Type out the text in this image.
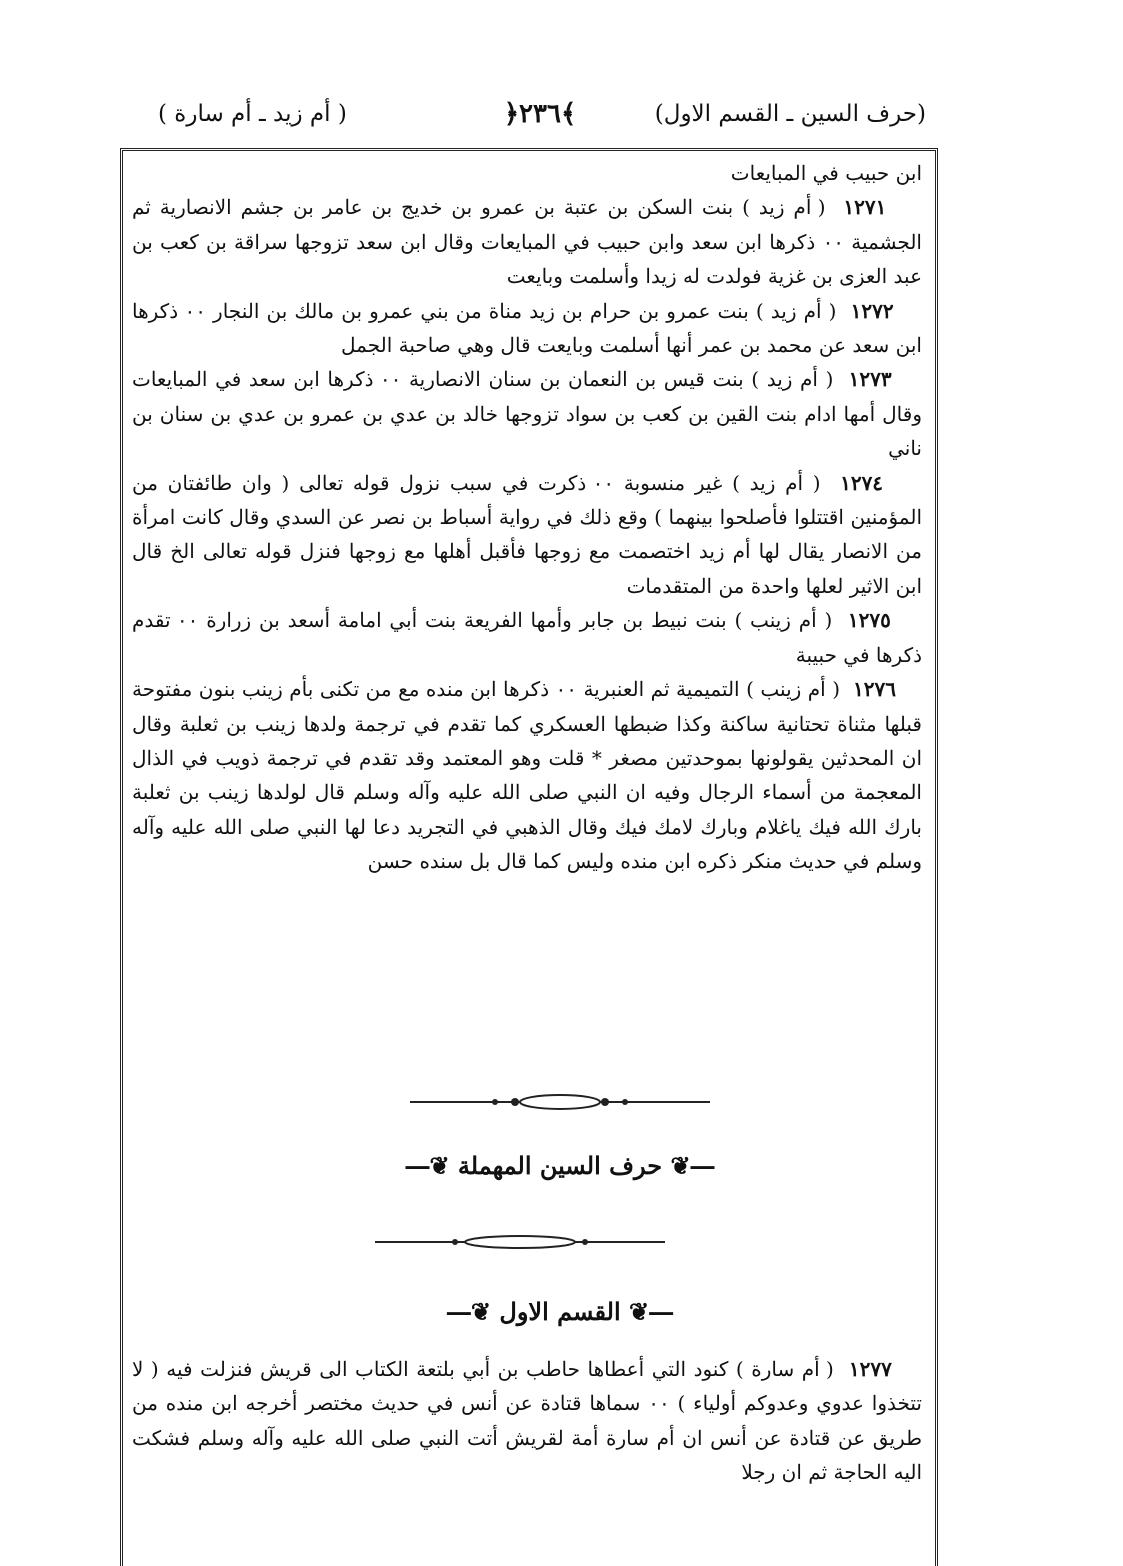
( أم زيد ـ أم سارة )	﴿۲۳٦﴾	(حرف السين ـ القسم الاول)

ابن حبيب في المبايعات

۱۲۷۱  ( أم زيد ) بنت السكن بن عتبة بن عمرو بن خديج بن عامر بن جشم الانصارية ثم الجشمية ٠٠ ذكرها ابن سعد وابن حبيب في المبايعات وقال ابن سعد تزوجها سراقة بن كعب بن عبد العزى بن غزية فولدت له زيدا وأسلمت وبايعت

۱۲۷۲  ( أم زيد ) بنت عمرو بن حرام بن زيد مناة من بني عمرو بن مالك بن النجار ٠٠ ذكرها ابن سعد عن محمد بن عمر أنها أسلمت وبايعت قال وهي صاحبة الجمل

۱۲۷۳  ( أم زيد ) بنت قيس بن النعمان بن سنان الانصارية ٠٠ ذكرها ابن سعد في المبايعات وقال أمها ادام بنت القين بن كعب بن سواد تزوجها خالد بن عدي بن عمرو بن عدي بن سنان بن ناني

۱۲۷٤  ( أم زيد ) غير منسوبة ٠٠ ذكرت في سبب نزول قوله تعالى ( وان طائفتان من المؤمنين اقتتلوا فأصلحوا بينهما ) وقع ذلك في رواية أسباط بن نصر عن السدي وقال كانت امرأة من الانصار يقال لها أم زيد اختصمت مع زوجها فأقبل أهلها مع زوجها فنزل قوله تعالى الخ قال ابن الاثير لعلها واحدة من المتقدمات

۱۲۷٥  ( أم زينب ) بنت نبيط بن جابر وأمها الفريعة بنت أبي امامة أسعد بن زرارة ٠٠ تقدم ذكرها في حبيبة

۱۲۷٦  ( أم زينب ) التميمية ثم العنبرية ٠٠ ذكرها ابن منده مع من تكنى بأم زينب بنون مفتوحة قبلها مثناة تحتانية ساكنة وكذا ضبطها العسكري كما تقدم في ترجمة ولدها زينب بن ثعلبة وقال ان المحدثين يقولونها بموحدتين مصغر * قلت وهو المعتمد وقد تقدم في ترجمة ذويب في الذال المعجمة من أسماء الرجال وفيه ان النبي صلى الله عليه وآله وسلم قال لولدها زينب بن ثعلبة بارك الله فيك ياغلام وبارك لامك فيك وقال الذهبي في التجريد دعا لها النبي صلى الله عليه وآله وسلم في حديث منكر ذكره ابن منده وليس كما قال بل سنده حسن

―❦ حرف السين المهملة ❦―
―❦ القسم الاول ❦―

۱۲۷۷  ( أم سارة ) كنود التي أعطاها حاطب بن أبي بلتعة الكتاب الى قريش فنزلت فيه ( لا تتخذوا عدوي وعدوكم أولياء ) ٠٠ سماها قتادة عن أنس في حديث مختصر أخرجه ابن منده من طريق عن قتادة عن أنس ان أم سارة أمة لقريش أتت النبي صلى الله عليه وآله وسلم فشكت اليه الحاجة ثم ان رجلا
